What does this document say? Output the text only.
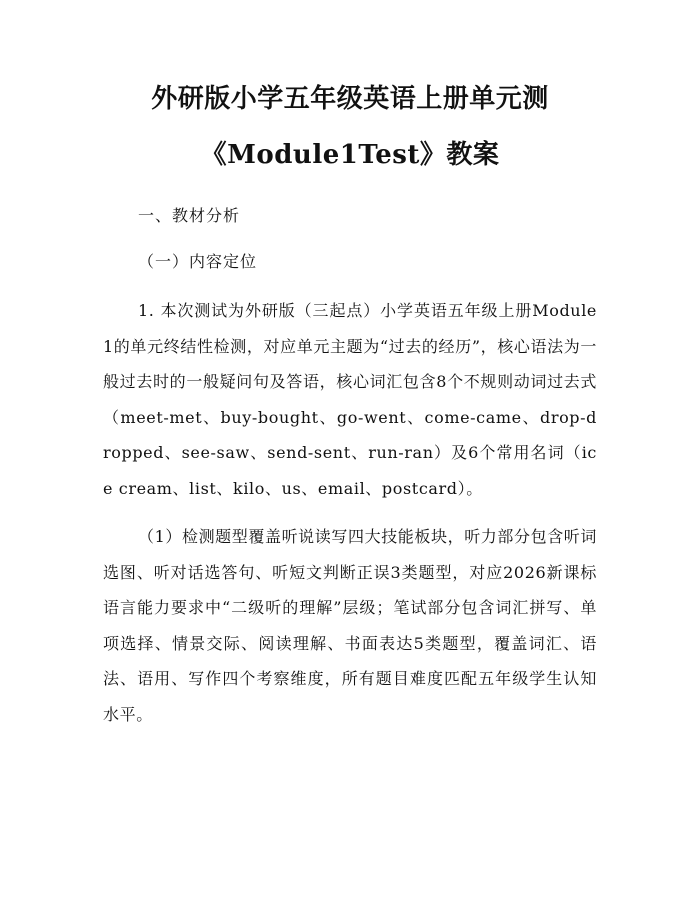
外研版小学五年级英语上册单元测
《Module1Test》教案

一、教材分析

（一）内容定位

1. 本次测试为外研版（三起点）小学英语五年级上册Module1的单元终结性检测，对应单元主题为“过去的经历”，核心语法为一般过去时的一般疑问句及答语，核心词汇包含8个不规则动词过去式（meet-met、buy-bought、go-went、come-came、drop-dropped、see-saw、send-sent、run-ran）及6个常用名词（ice cream、list、kilo、us、email、postcard）。

（1）检测题型覆盖听说读写四大技能板块，听力部分包含听词选图、听对话选答句、听短文判断正误3类题型，对应2026新课标语言能力要求中“二级听的理解”层级；笔试部分包含词汇拼写、单项选择、情景交际、阅读理解、书面表达5类题型，覆盖词汇、语法、语用、写作四个考察维度，所有题目难度匹配五年级学生认知水平。
